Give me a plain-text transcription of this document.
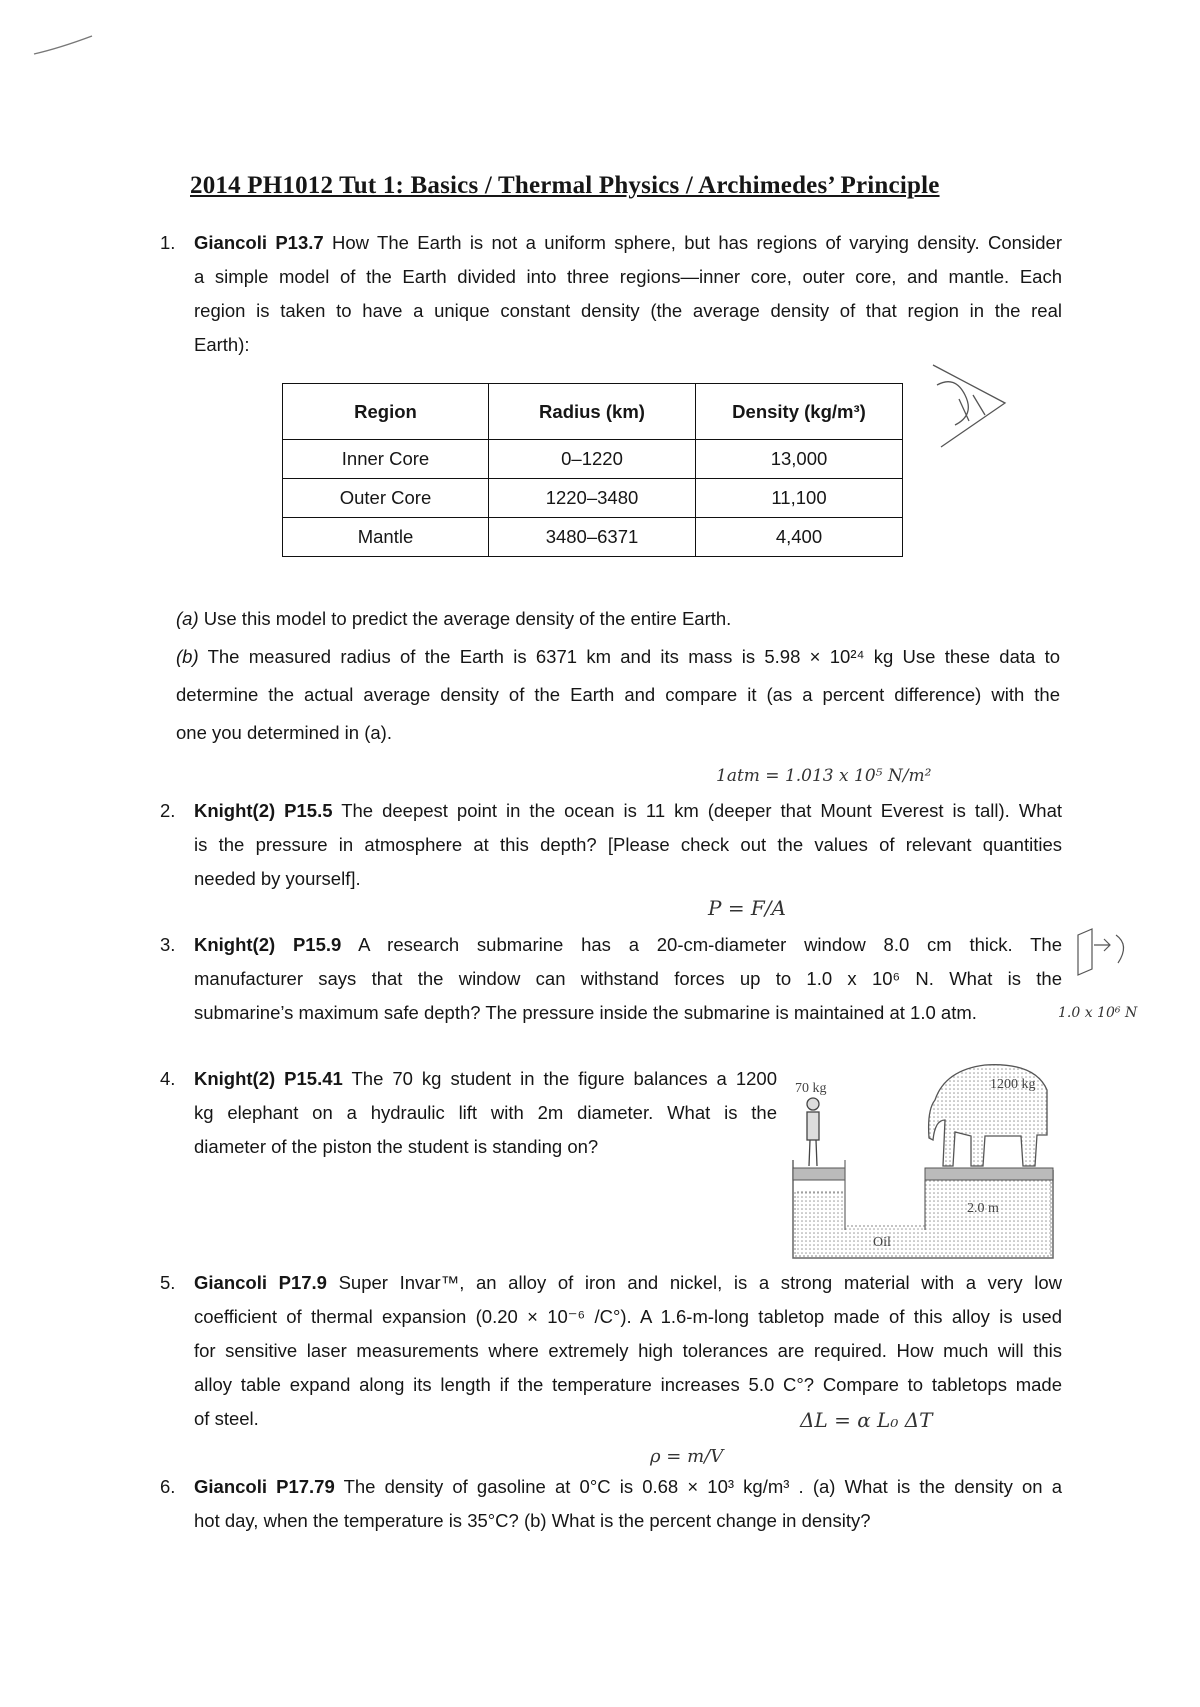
2014 PH1012 Tut 1: Basics / Thermal Physics / Archimedes’ Principle
1. Giancoli P13.7 How The Earth is not a uniform sphere, but has regions of varying density. Consider
a simple model of the Earth divided into three regions—inner core, outer core, and mantle. Each
region is taken to have a unique constant density (the average density of that region in the real
Earth):
Region	Radius (km)	Density (kg/m³)
Inner Core	0–1220	13,000
Outer Core	1220–3480	11,100
Mantle	3480–6371	4,400
(a) Use this model to predict the average density of the entire Earth.
(b) The measured radius of the Earth is 6371 km and its mass is 5.98 × 10²⁴ kg Use these data to
determine the actual average density of the Earth and compare it (as a percent difference) with the
one you determined in (a).
1atm = 1.013 x 10⁵ N/m²
2. Knight(2) P15.5 The deepest point in the ocean is 11 km (deeper that Mount Everest is tall). What
is the pressure in atmosphere at this depth? [Please check out the values of relevant quantities
needed by yourself].
P = F/A
3. Knight(2) P15.9 A research submarine has a 20-cm-diameter window 8.0 cm thick. The
manufacturer says that the window can withstand forces up to 1.0 x 10⁶ N. What is the
submarine’s maximum safe depth? The pressure inside the submarine is maintained at 1.0 atm.	1.0 x 10⁶ N
4. Knight(2) P15.41 The 70 kg student in the figure balances a 1200
kg elephant on a hydraulic lift with 2m diameter. What is the
diameter of the piston the student is standing on?
70 kg	1200 kg
2.0 m
Oil
5. Giancoli P17.9 Super Invar™, an alloy of iron and nickel, is a strong material with a very low
coefficient of thermal expansion (0.20 × 10⁻⁶ /C°). A 1.6-m-long tabletop made of this alloy is used
for sensitive laser measurements where extremely high tolerances are required. How much will this
alloy table expand along its length if the temperature increases 5.0 C°? Compare to tabletops made
of steel.	ΔL = α L₀ ΔT
ρ = m/V
6. Giancoli P17.79 The density of gasoline at 0°C is 0.68 × 10³ kg/m³ . (a) What is the density on a
hot day, when the temperature is 35°C? (b) What is the percent change in density?
